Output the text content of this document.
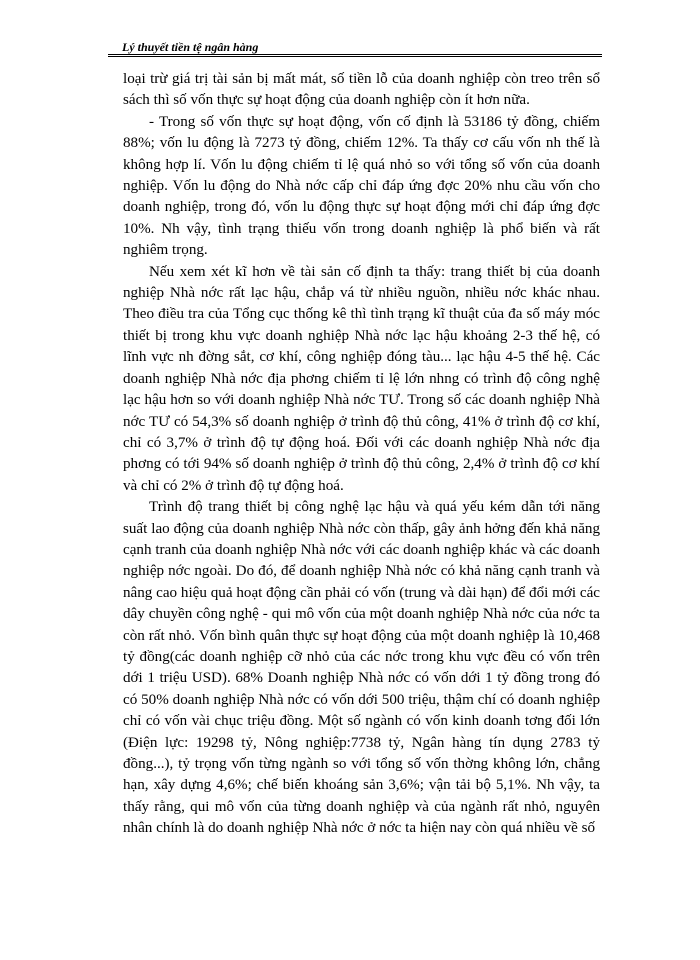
Lý thuyết tiền tệ ngân hàng

loại trừ giá trị tài sản bị mất mát, số tiền lỗ của doanh nghiệp còn treo trên sổ sách thì số vốn thực sự hoạt động của doanh nghiệp còn ít hơn nữa.

- Trong số vốn thực sự hoạt động, vốn cố định là 53186 tỷ đồng, chiếm 88%; vốn lu động là 7273 tỷ đồng, chiếm 12%. Ta thấy cơ cấu vốn nh thế là không hợp lí. Vốn lu động chiếm tỉ lệ quá nhỏ so với tổng số vốn của doanh nghiệp. Vốn lu động do Nhà nớc cấp chỉ đáp ứng đợc 20% nhu cầu vốn cho doanh nghiệp, trong đó, vốn lu động thực sự hoạt động mới chỉ đáp ứng đợc 10%. Nh vậy, tình trạng thiếu vốn trong doanh nghiệp là phổ biến và rất nghiêm trọng.

Nếu xem xét kĩ hơn về tài sản cố định ta thấy: trang thiết bị của doanh nghiệp Nhà nớc rất lạc hậu, chắp vá từ nhiều nguồn, nhiều nớc khác nhau. Theo điều tra của Tổng cục thống kê thì tình trạng kĩ thuật của đa số máy móc thiết bị trong khu vực doanh nghiệp Nhà nớc lạc hậu khoảng 2-3 thế hệ, có lĩnh vực nh đờng sắt, cơ khí, công nghiệp đóng tàu... lạc hậu 4-5 thế hệ. Các doanh nghiệp Nhà nớc địa phơng chiếm tỉ lệ lớn nhng có trình độ công nghệ lạc hậu hơn so với doanh nghiệp Nhà nớc TƯ. Trong số các doanh nghiệp Nhà nớc TƯ có 54,3% số doanh nghiệp ở trình độ thủ công, 41% ở trình độ cơ khí, chỉ có 3,7% ở trình độ tự động hoá. Đối với các doanh nghiệp Nhà nớc địa phơng có tới 94% số doanh nghiệp ở trình độ thủ công, 2,4% ở trình độ cơ khí và chỉ có 2% ở trình độ tự động hoá.

Trình độ trang thiết bị công nghệ lạc hậu và quá yếu kém dẫn tới năng suất lao động của doanh nghiệp Nhà nớc còn thấp, gây ảnh hởng đến khả năng cạnh tranh của doanh nghiệp Nhà nớc với các doanh nghiệp khác và các doanh nghiệp nớc ngoài. Do đó, để doanh nghiệp Nhà nớc có khả năng cạnh tranh và nâng cao hiệu quả hoạt động cần phải có vốn (trung và dài hạn) để đổi mới các dây chuyền công nghệ - qui mô vốn của một doanh nghiệp Nhà nớc của nớc ta còn rất nhỏ. Vốn bình quân thực sự hoạt động của một doanh nghiệp là 10,468 tỷ đồng(các doanh nghiệp cỡ nhỏ của các nớc trong khu vực đều có vốn trên dới 1 triệu USD). 68% Doanh nghiệp Nhà nớc có vốn dới 1 tỷ đồng trong đó có 50% doanh nghiệp Nhà nớc có vốn dới 500 triệu, thậm chí có doanh nghiệp chỉ có vốn vài chục triệu đồng. Một số ngành có vốn kinh doanh tơng đối lớn (Điện lực: 19298 tỷ, Nông nghiệp:7738 tỷ, Ngân hàng tín dụng 2783 tỷ đồng...), tỷ trọng vốn từng ngành so với tổng số vốn thờng không lớn, chẳng hạn, xây dựng 4,6%; chế biến khoáng sản 3,6%; vận tải bộ 5,1%. Nh vậy, ta thấy rằng, qui mô vốn của từng doanh nghiệp và của ngành rất nhỏ, nguyên nhân chính là do doanh nghiệp Nhà nớc ở nớc ta hiện nay còn quá nhiều về số
